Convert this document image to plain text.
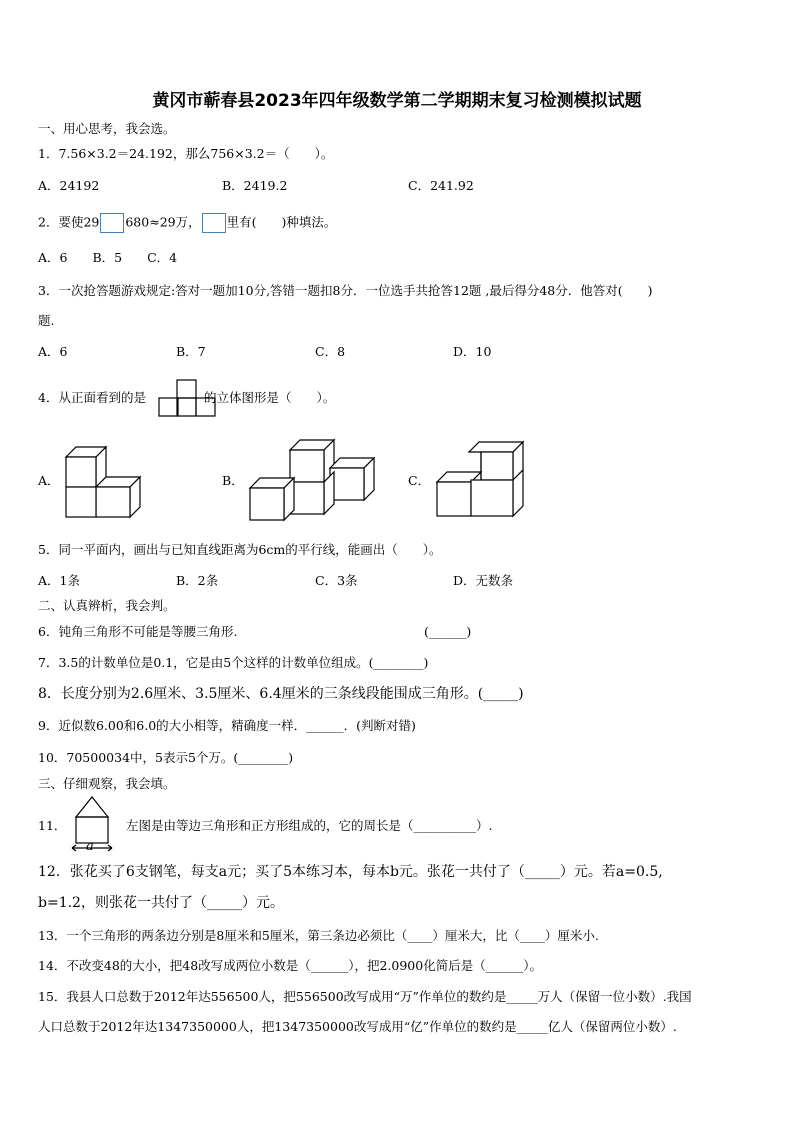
黄冈市蕲春县2023年四年级数学第二学期期末复习检测模拟试题
一、用心思考，我会选。
1．7.56×3.2＝24.192，那么756×3.2＝（　　）。
A．24192	B．2419.2	C．241.92
2．要使29 680≈29万， 里有(　　)种填法。
A．6　　B．5　　C．4
3．一次抢答题游戏规定:答对一题加10分,答错一题扣8分．一位选手共抢答12题 ,最后得分48分．他答对(　　)
题.
A．6	B．7	C．8	D．10
4．从正面看到的是	的立体图形是（　　）。
A．	B．	C．
5．同一平面内，画出与已知直线距离为6cm的平行线，能画出（　　）。
A．1条	B．2条	C．3条	D．无数条
二、认真辨析，我会判。
6．钝角三角形不可能是等腰三角形.	(______)
7．3.5的计数单位是0.1，它是由5个这样的计数单位组成。(________)
8．长度分别为2.6厘米、3.5厘米、6.4厘米的三条线段能围成三角形。(_____)
9．近似数6.00和6.0的大小相等，精确度一样．______．(判断对错)
10．70500034中，5表示5个万。(________)
三、仔细观察，我会填。
11．
a
左图是由等边三角形和正方形组成的，它的周长是（__________）.
12．张花买了6支钢笔，每支a元；买了5本练习本，每本b元。张花一共付了（_____）元。若a=0.5,
b=1.2，则张花一共付了（_____）元。
13．一个三角形的两条边分别是8厘米和5厘米，第三条边必须比（____）厘米大，比（____）厘米小.
14．不改变48的大小，把48改写成两位小数是（______），把2.0900化简后是（______）。
15．我县人口总数于2012年达556500人，把556500改写成用“万”作单位的数约是_____万人（保留一位小数）.我国
人口总数于2012年达1347350000人，把1347350000改写成用“亿”作单位的数约是_____亿人（保留两位小数）.
